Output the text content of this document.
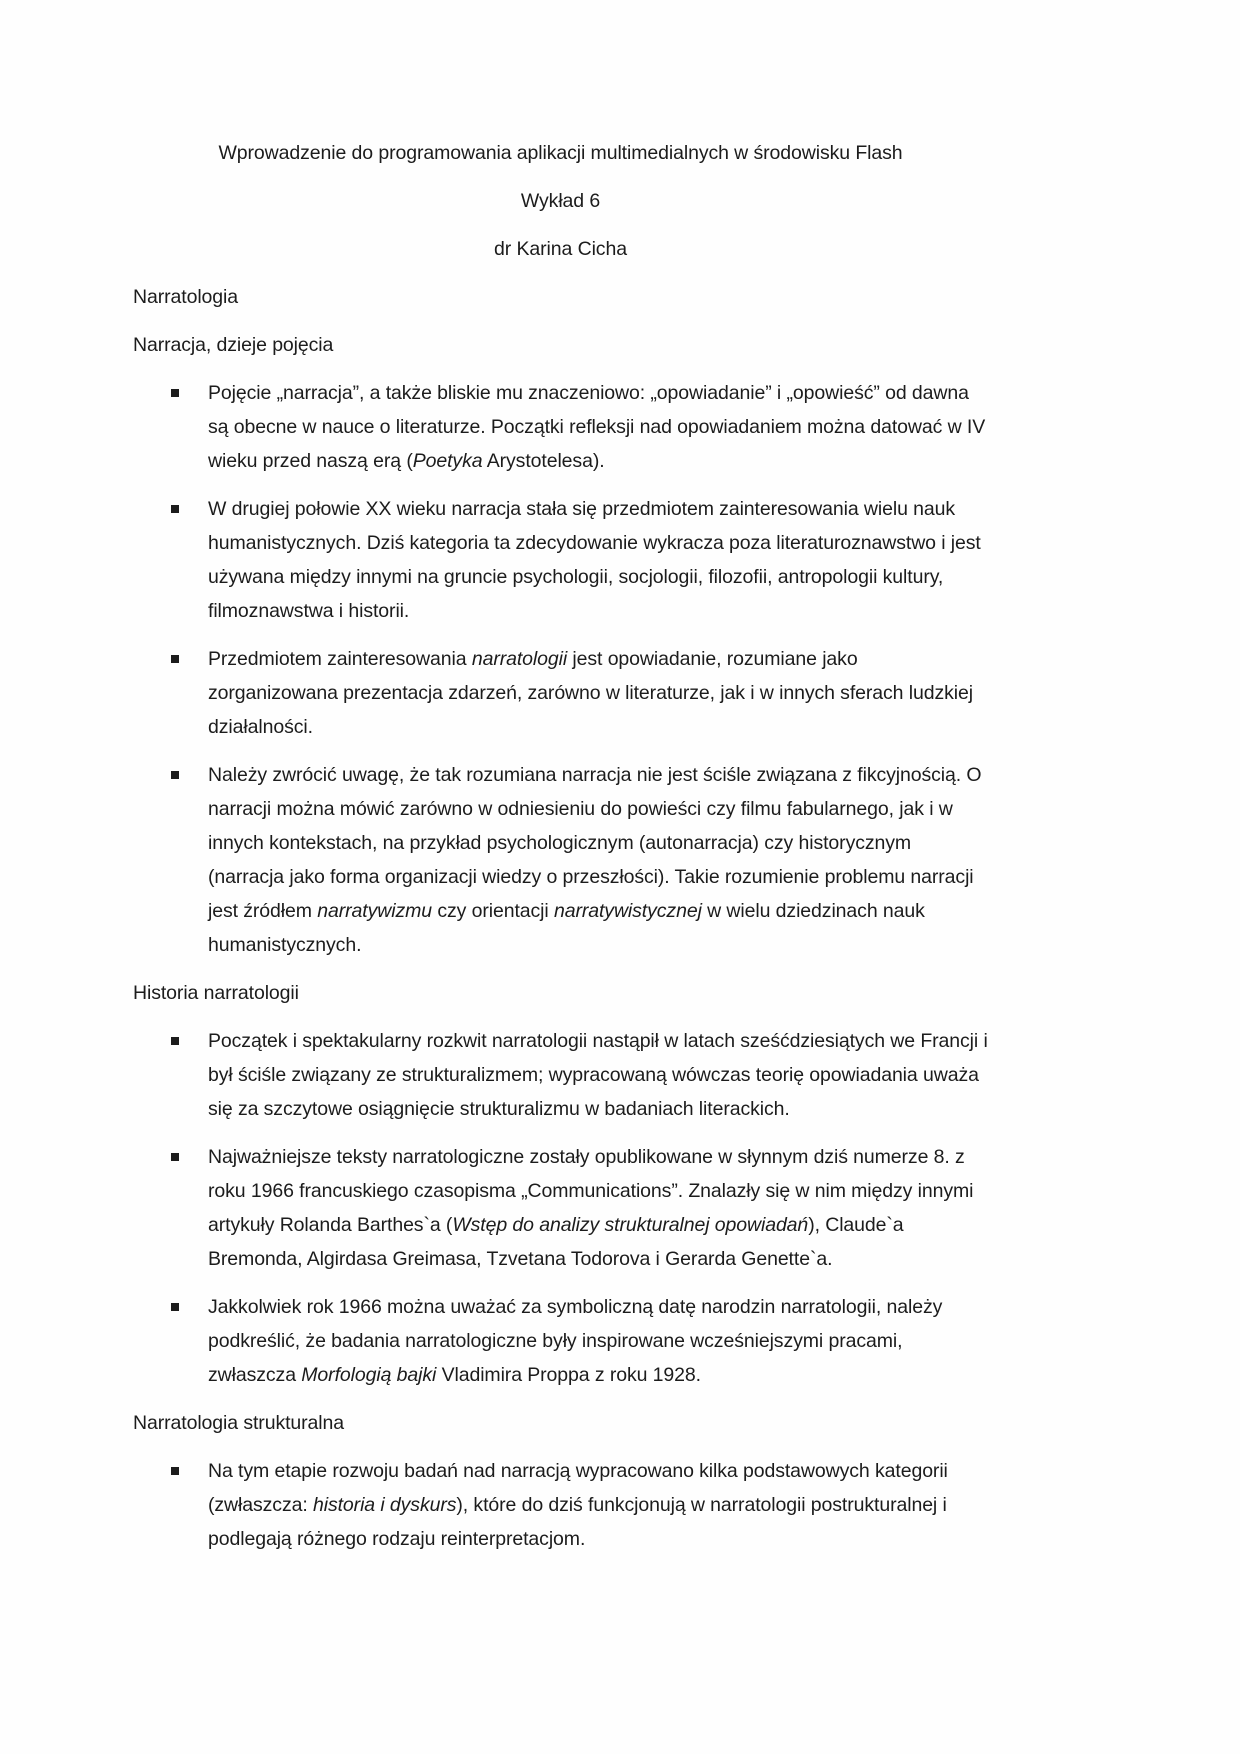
Wprowadzenie do programowania aplikacji multimedialnych w środowisku Flash

Wykład 6

dr Karina Cicha

Narratologia

Narracja, dzieje pojęcia

Pojęcie „narracja”, a także bliskie mu znaczeniowo: „opowiadanie” i „opowieść” od dawna są obecne w nauce o literaturze. Początki refleksji nad opowiadaniem można datować w IV wieku przed naszą erą (Poetyka Arystotelesa).
W drugiej połowie XX wieku narracja stała się przedmiotem zainteresowania wielu nauk humanistycznych. Dziś kategoria ta zdecydowanie wykracza poza literaturoznawstwo i jest używana między innymi na gruncie psychologii, socjologii, filozofii, antropologii kultury, filmoznawstwa i historii.
Przedmiotem zainteresowania narratologii jest opowiadanie, rozumiane jako zorganizowana prezentacja zdarzeń, zarówno w literaturze, jak i w innych sferach ludzkiej działalności.
Należy zwrócić uwagę, że tak rozumiana narracja nie jest ściśle związana z fikcyjnością. O narracji można mówić zarówno w odniesieniu do powieści czy filmu fabularnego, jak i w innych kontekstach, na przykład psychologicznym (autonarracja) czy historycznym (narracja jako forma organizacji wiedzy o przeszłości). Takie rozumienie problemu narracji jest źródłem narratywizmu czy orientacji narratywistycznej w wielu dziedzinach nauk humanistycznych.

Historia narratologii

Początek i spektakularny rozkwit narratologii nastąpił w latach sześćdziesiątych we Francji i był ściśle związany ze strukturalizmem; wypracowaną wówczas teorię opowiadania uważa się za szczytowe osiągnięcie strukturalizmu w badaniach literackich.
Najważniejsze teksty narratologiczne zostały opublikowane w słynnym dziś numerze 8. z roku 1966 francuskiego czasopisma „Communications”. Znalazły się w nim między innymi artykuły Rolanda Barthes`a (Wstęp do analizy strukturalnej opowiadań), Claude`a Bremonda, Algirdasa Greimasa, Tzvetana Todorova i Gerarda Genette`a.
Jakkolwiek rok 1966 można uważać za symboliczną datę narodzin narratologii, należy podkreślić, że badania narratologiczne były inspirowane wcześniejszymi pracami, zwłaszcza Morfologią bajki Vladimira Proppa z roku 1928.

Narratologia strukturalna

Na tym etapie rozwoju badań nad narracją wypracowano kilka podstawowych kategorii (zwłaszcza: historia i dyskurs), które do dziś funkcjonują w narratologii postrukturalnej i podlegają różnego rodzaju reinterpretacjom.
